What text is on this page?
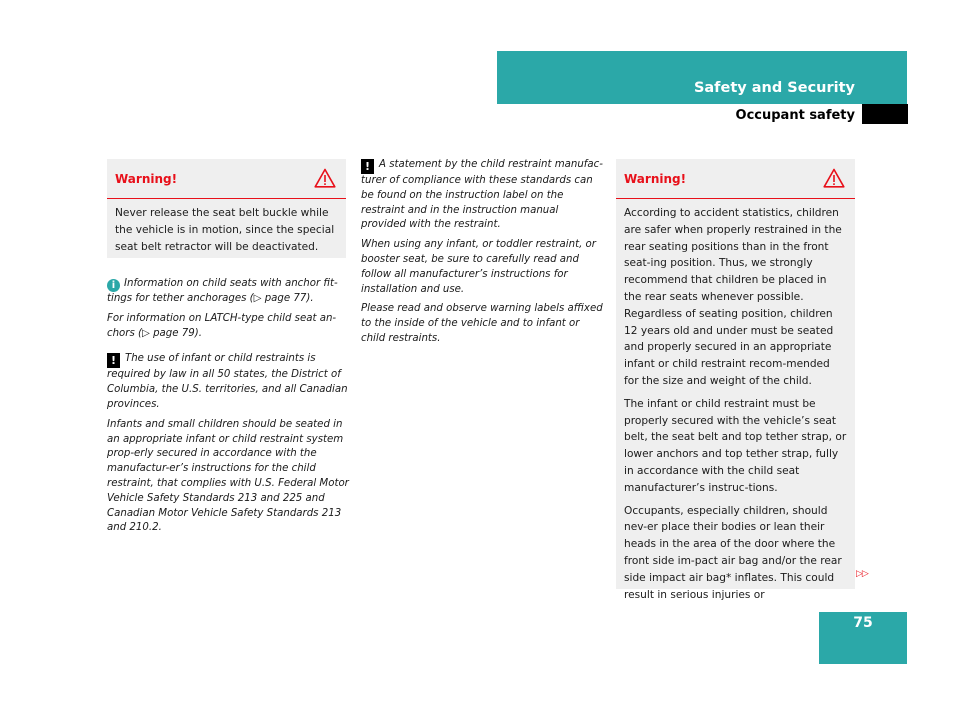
Safety and Security
Occupant safety
Warning!

Never release the seat belt buckle while the vehicle is in motion, since the special seat belt retractor will be deactivated.

i Information on child seats with anchor fit-tings for tether anchorages (▷ page 77).

For information on LATCH-type child seat an-chors (▷ page 79).

! The use of infant or child restraints is required by law in all 50 states, the District of Columbia, the U.S. territories, and all Canadian provinces.

Infants and small children should be seated in an appropriate infant or child restraint system prop-erly secured in accordance with the manufactur-er’s instructions for the child restraint, that complies with U.S. Federal Motor Vehicle Safety Standards 213 and 225 and Canadian Motor Vehicle Safety Standards 213 and 210.2.

! A statement by the child restraint manufac-turer of compliance with these standards can be found on the instruction label on the restraint and in the instruction manual provided with the restraint.

When using any infant, or toddler restraint, or booster seat, be sure to carefully read and follow all manufacturer’s instructions for installation and use.

Please read and observe warning labels affixed to the inside of the vehicle and to infant or child restraints.

Warning!

According to accident statistics, children are safer when properly restrained in the rear seating positions than in the front seat-ing position. Thus, we strongly recommend that children be placed in the rear seats whenever possible. Regardless of seating position, children 12 years old and under must be seated and properly secured in an appropriate infant or child restraint recom-mended for the size and weight of the child.

The infant or child restraint must be properly secured with the vehicle’s seat belt, the seat belt and top tether strap, or lower anchors and top tether strap, fully in accordance with the child seat manufacturer’s instruc-tions.

Occupants, especially children, should nev-er place their bodies or lean their heads in the area of the door where the front side im-pact air bag and/or the rear side impact air bag* inflates. This could result in serious injuries or

▷▷
75
